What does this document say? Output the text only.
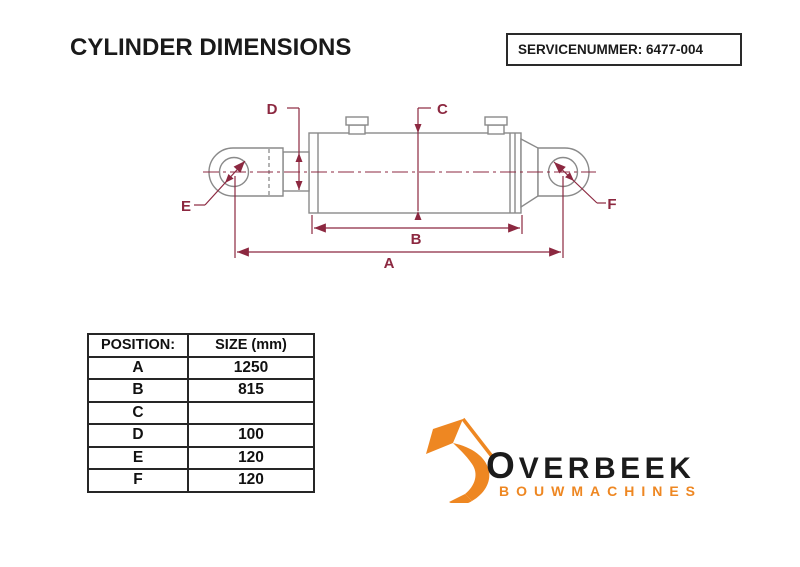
C
D
B
A
E	F
CYLINDER DIMENSIONS	SERVICENUMMER: 6477-004
POSITION:	SIZE (mm)
A	1250
B	815
C	
D	100
E	120
F	120	O VERBEEK
BOUWMACHINES
